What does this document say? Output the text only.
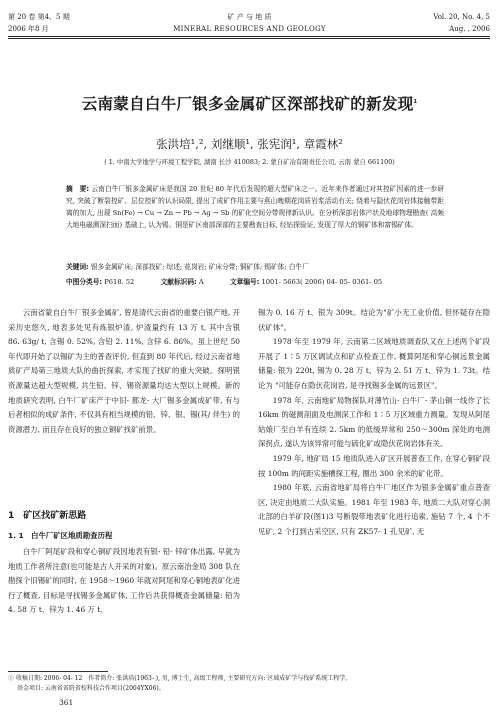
第 20 卷 第4、5 期
2006 年8 月
矿 产 与 地 质
MINERAL RESOURCES AND GEOLOGY
Vol. 20, No. 4, 5
Aug. , 2006
云南蒙自白牛厂银多金属矿区深部找矿的新发现$^1$
张洪培¹,², 刘继顺¹, 张宪润¹, 章霞林²
( 1. 中南大学地学与环境工程学院, 湖南 长沙 410083; 2. 蒙自矿冶有限责任公司, 云南 蒙自 661100)
摘　要: 云南白牛厂银多金属矿床是我国 20 世纪 80 年代后发现的超大型矿床之一。近年来作者通过对其控矿因素的进一步研究, 突破了断裂控矿、层位控矿的认识局限, 提出了成矿作用主要与燕山晚期花岗质岩浆活动有关; 绕着与隐伏花岗岩体接触带距离的加大, 出现 Sn(Fe) → Cu → Zn → Pb → Ag → Sb 的矿化空间分带规律新认识。在分析深部岩体产状及地球物理勘查( 高频大地电磁测深扫面) 基础上, 认为锡、铜是矿区南部深部的主要勘查目标, 经钻探验证, 发现了厚大的铜矿体和富锡矿体。
关键词: 银多金属矿床; 深部找矿; 综述; 花岗岩; 矿床分带; 铜矿体; 锡矿体; 白牛厂
中图分类号: P618. 52	文献标识码: A	文章编号: 1001- 5663( 2006) 04- 05- 0361- 05

云南省蒙自白牛厂银多金属矿, 曾是清代云南省的重要白银产地, 开采历史悠久, 地表多处见有炼银炉渣, 炉渣量约有 13 万 t, 其中含银 86. 63g/ t, 含锡 0. 52%, 含铅 2. 11%, 含锌 6. 86%。虽上世纪 50 年代即开始了以锡矿为主的普查评价, 但直到 80 年代后, 经过云南省地质矿产局第三地质大队的曲折探索, 才实现了找矿的重大突破。探明银资源量达超大型规模, 共生铅、锌、锡资源量均达大型以上规模。新的地质研究表明, 白牛厂矿床产于中旧- 都龙- 大厂锡多金属成矿带, 有与后者相似的成矿条件, 不仅具有相当规模的铅、锌、银、锡(其/ 伴生) 的资源潜力, 而且存在良好的独立铜矿找矿前景。

1　矿区找矿新思路
1. 1　白牛厂矿区地质勘查历程

白牛厂阿尾矿段和穿心铜矿段因地表有银- 铅- 锌矿体出露, 早就为地质工作者所注意(也可能是古人开采的对象)。原云南冶金局 308 队在勘探个旧锡矿的同时, 在 1958～1960 年就对阿尾和穿心铜地表矿化进行了概查, 目标是寻找锡多金属矿体, 工作后共获得概查金属储量: 铅为 4. 58 万 t、锌为 1. 46 万 t、

锡为 0. 16 万 t、银为 309t。结论为"矿小无工业价值, 但怀疑存在隐伏矿体"。

1978 年至 1979 年, 云南第二区域地质调查队又在上述两个矿段开展了 1∶5 万区调试点和矿点检查工作, 概算阿尾和穿心铜远景金属储量: 银为 220t, 锡为 0. 28 万 t、锌为 2. 51 万 t、锌为 1. 73t。结论为 "可能存在隐伏花岗岩, 是寻找锡多金属的远景区"。

1978 年, 云南地矿局物探队对薄竹山- 白牛厂- 茅山铜一线作了长 16km 的磁测剖面及电测深工作和 1∶5 万区域重力测量。发现从阿尾姑娘厂至白羊有连续 2. 5km 的低缓异常和 250～300m 深处的电测深拐点, 遂认为该异常可能与硫化矿或隐伏花岗岩体有关。

1979 年, 地矿局 15 地质队进入矿区开展普查工作, 在穿心铜矿段按 100m 的间距实施槽探工程, 圈出 300 余米的矿化带。

1980 年底, 云南省地矿局将白牛厂地区作为银多金属矿重点普查区, 决定由地质二大队实施。1981 年至 1983 年, 地质二大队对穿心洞北部的白羊矿段(图1)3 号断裂带地表矿化进行追索, 施钻 7 个, 4 个不见矿, 2 个打到古采空区, 只有 ZK57- 1 孔见矿, 无

① 收稿日期: 2006- 04- 12　作者简介: 张洪培(1963- ), 男, 博士生, 高级工程师, 主要研究方向: 区域成矿学与找矿系统工程学。
基金项目: 云南省省院省校科技合作项目(2004YX06)。
361
